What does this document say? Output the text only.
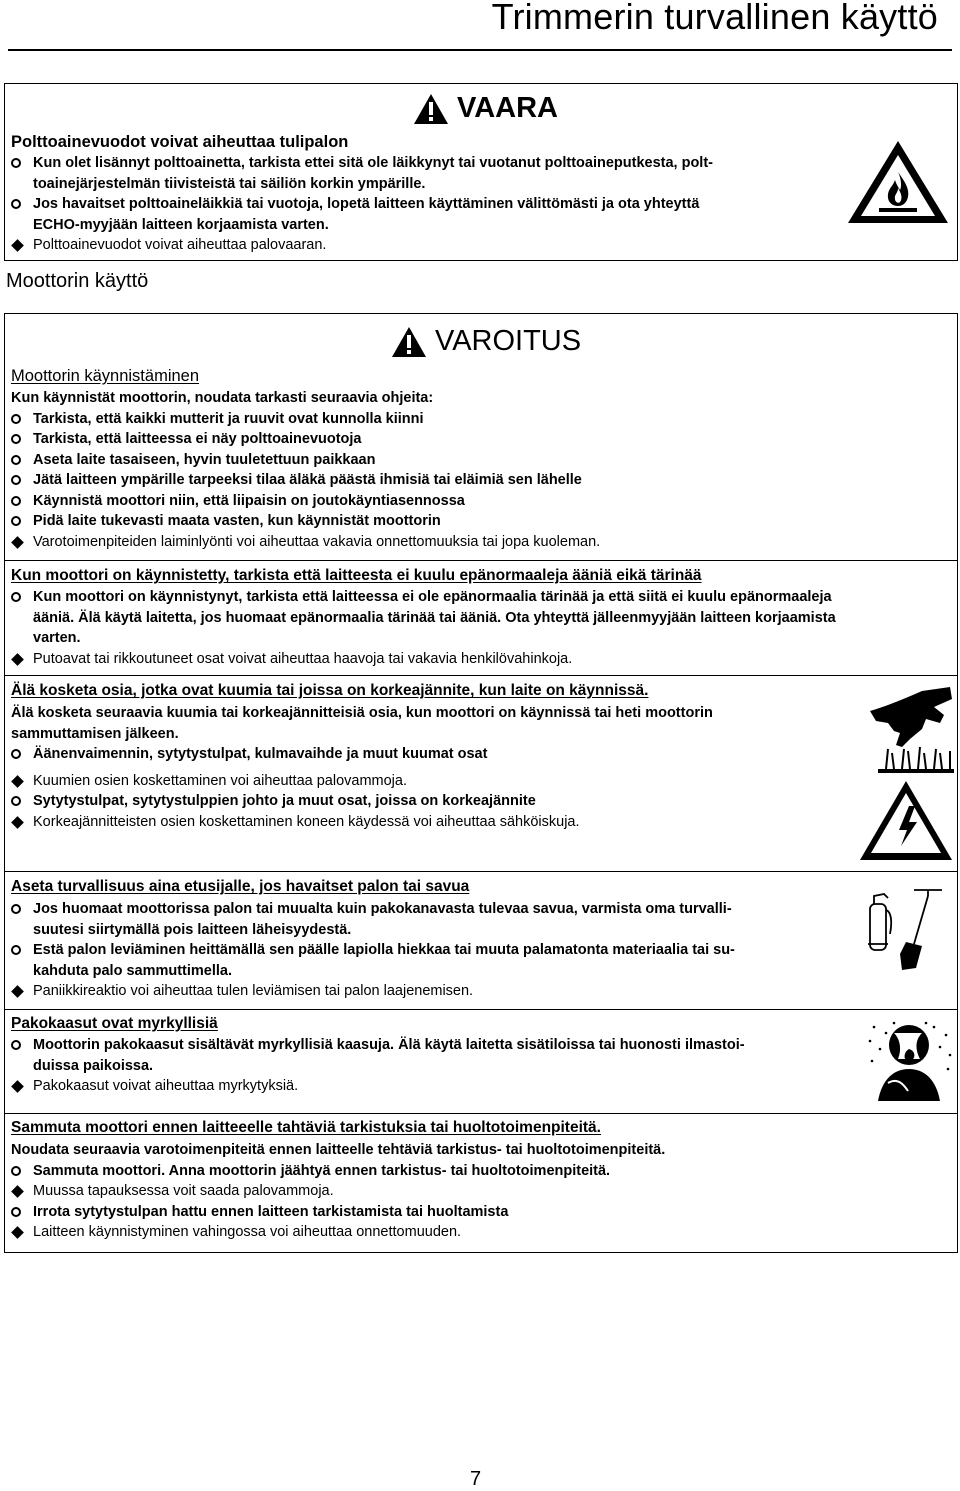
Trimmerin turvallinen käyttö
VAARA
Polttoainevuodot voivat aiheuttaa tulipalon
Kun olet lisännyt polttoainetta, tarkista ettei sitä ole läikkynyt tai vuotanut polttoaineputkesta, polt-
toainejärjestelmän tiivisteistä tai säiliön korkin ympärille.
Jos havaitset polttoaineläikkiä tai vuotoja, lopetä laitteen käyttäminen välittömästi ja ota yhteyttä
ECHO-myyjään laitteen korjaamista varten.
Polttoainevuodot voivat aiheuttaa palovaaran.
Moottorin käyttö
VAROITUS
Moottorin käynnistäminen
Kun käynnistät moottorin, noudata tarkasti seuraavia ohjeita:
Tarkista, että kaikki mutterit ja ruuvit ovat kunnolla kiinni
Tarkista, että laitteessa ei näy polttoainevuotoja
Aseta laite tasaiseen, hyvin tuuletettuun paikkaan
Jätä laitteen ympärille tarpeeksi tilaa äläkä päästä ihmisiä tai eläimiä sen lähelle
Käynnistä moottori niin, että liipaisin on joutokäyntiasennossa
Pidä laite tukevasti maata vasten, kun käynnistät moottorin
Varotoimenpiteiden laiminlyönti voi aiheuttaa vakavia onnettomuuksia tai jopa kuoleman.
Kun moottori on käynnistetty, tarkista että laitteesta ei kuulu epänormaaleja ääniä eikä tärinää
Kun moottori on käynnistynyt, tarkista että laitteessa ei ole epänormaalia tärinää ja että siitä ei kuulu epänormaaleja
ääniä. Älä käytä laitetta, jos huomaat epänormaalia tärinää tai ääniä. Ota yhteyttä jälleenmyyjään laitteen korjaamista
varten.
Putoavat tai rikkoutuneet osat voivat aiheuttaa haavoja tai vakavia henkilövahinkoja.
Älä kosketa osia, jotka ovat kuumia tai joissa on korkeajännite, kun laite on käynnissä.
Älä kosketa seuraavia kuumia tai korkeajännitteisiä osia, kun moottori on käynnissä tai heti moottorin
sammuttamisen jälkeen.
Äänenvaimennin, sytytystulpat, kulmavaihde ja muut kuumat osat
Kuumien osien koskettaminen voi aiheuttaa palovammoja.
Sytytystulpat, sytytystulppien johto ja muut osat, joissa on korkeajännite
Korkeajännitteisten osien koskettaminen koneen käydessä voi aiheuttaa sähköiskuja.
Aseta turvallisuus aina etusijalle, jos havaitset palon tai savua
Jos huomaat moottorissa palon tai muualta kuin pakokanavasta tulevaa savua, varmista oma turvalli-
suutesi siirtymällä pois laitteen läheisyydestä.
Estä palon leviäminen heittämällä sen päälle lapiolla hiekkaa tai muuta palamatonta materiaalia tai su-
kahduta palo sammuttimella.
Paniikkireaktio voi aiheuttaa tulen leviämisen tai palon laajenemisen.
Pakokaasut ovat myrkyllisiä
Moottorin pakokaasut sisältävät myrkyllisiä kaasuja. Älä käytä laitetta sisätiloissa tai huonosti ilmastoi-
duissa paikoissa.
Pakokaasut voivat aiheuttaa myrkytyksiä.
Sammuta moottori ennen laitteeelle tahtäviä tarkistuksia tai huoltotoimenpiteitä.
Noudata seuraavia varotoimenpiteitä ennen laitteelle tehtäviä tarkistus- tai huoltotoimenpiteitä.
Sammuta moottori. Anna moottorin jäähtyä ennen tarkistus- tai huoltotoimenpiteitä.
Muussa tapauksessa voit saada palovammoja.
Irrota sytytystulpan hattu ennen laitteen tarkistamista tai huoltamista
Laitteen käynnistyminen vahingossa voi aiheuttaa onnettomuuden.
7
